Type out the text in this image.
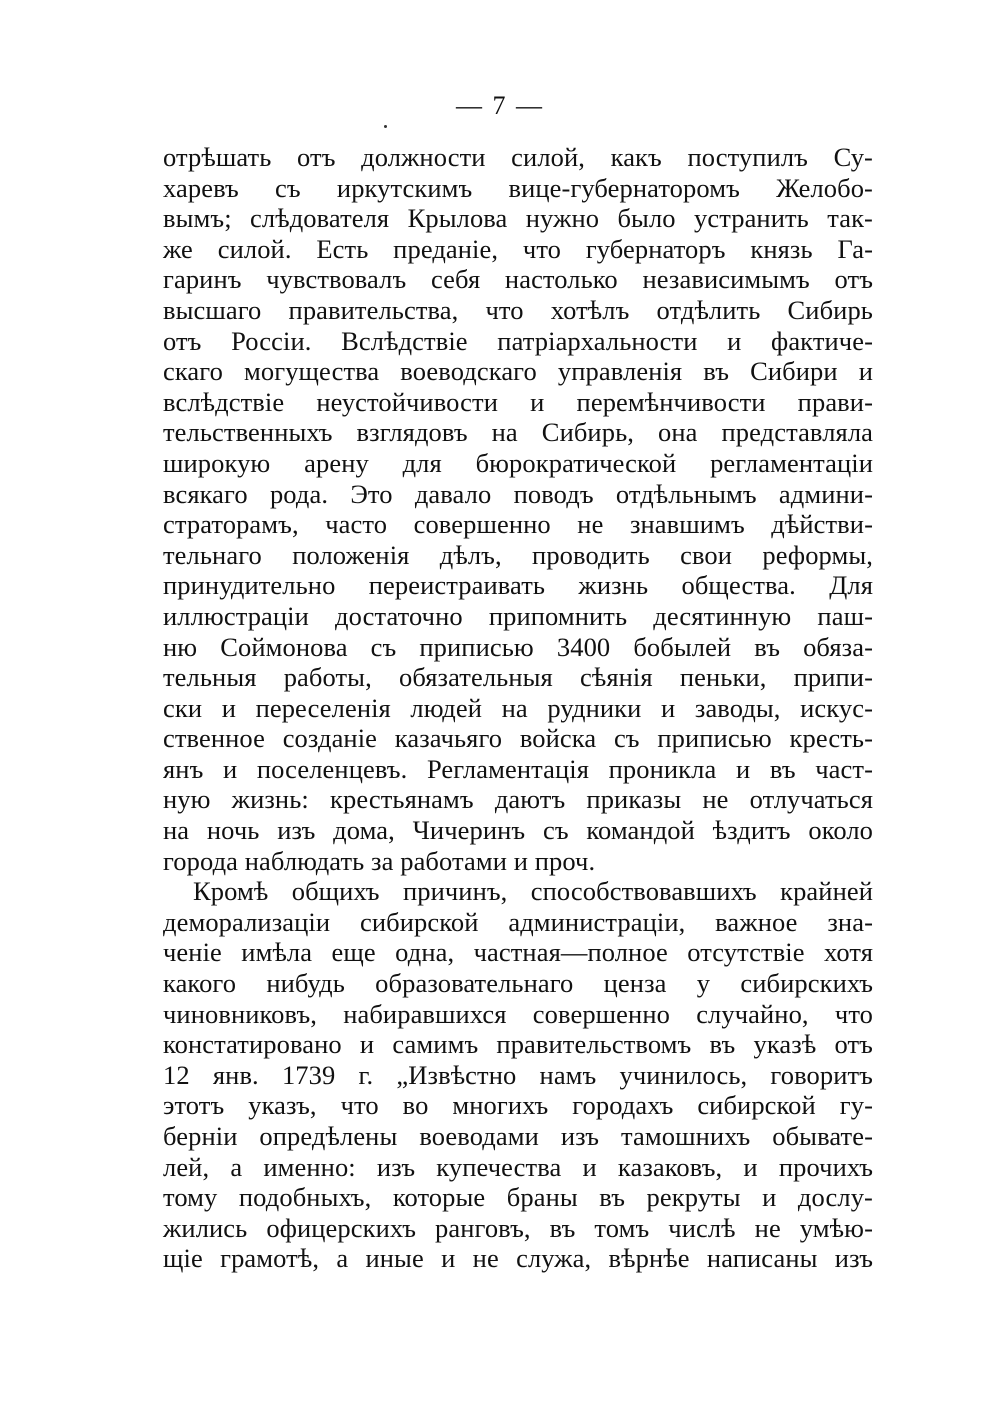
— 7 —
отрѣшать отъ должности силой, какъ поступилъ Су-
харевъ съ иркутскимъ вице-губернаторомъ Желобо-
вымъ; слѣдователя Крылова нужно было устранить так-
же силой. Есть преданіе, что губернаторъ князь Га-
гаринъ чувствовалъ себя настолько независимымъ отъ
высшаго правительства, что хотѣлъ отдѣлить Сибирь
отъ Россіи. Вслѣдствіе патріархальности и фактиче-
скаго могущества воеводскаго управленія въ Сибири и
вслѣдствіе неустойчивости и перемѣнчивости прави-
тельственныхъ взглядовъ на Сибирь, она представляла
широкую арену для бюрократической регламентаціи
всякаго рода. Это давало поводъ отдѣльнымъ админи-
страторамъ, часто совершенно не знавшимъ дѣйстви-
тельнаго положенія дѣлъ, проводить свои реформы,
принудительно переистраивать жизнь общества. Для
иллюстраціи достаточно припомнить десятинную паш-
ню Соймонова съ приписью 3400 бобылей въ обяза-
тельныя работы, обязательныя сѣянія пеньки, припи-
ски и переселенія людей на рудники и заводы, искус-
ственное созданіе казачьяго войска съ приписью кресть-
янъ и поселенцевъ. Регламентація проникла и въ част-
ную жизнь: крестьянамъ даютъ приказы не отлучаться
на ночь изъ дома, Чичеринъ съ командой ѣздитъ около
города наблюдать за работами и проч.
Кромѣ общихъ причинъ, способствовавшихъ крайней
деморализаціи сибирской администраціи, важное зна-
ченіе имѣла еще одна, частная—полное отсутствіе хотя
какого нибудь образовательнаго ценза у сибирскихъ
чиновниковъ, набиравшихся совершенно случайно, что
констатировано и самимъ правительствомъ въ указѣ отъ
12 янв. 1739 г. „Извѣстно намъ учинилось, говоритъ
этотъ указъ, что во многихъ городахъ сибирской гу-
берніи опредѣлены воеводами изъ тамошнихъ обывате-
лей, а именно: изъ купечества и казаковъ, и прочихъ
тому подобныхъ, которые браны въ рекруты и дослу-
жились офицерскихъ ранговъ, въ томъ числѣ не умѣю-
щіе грамотѣ, а иные и не служа, вѣрнѣе написаны изъ
